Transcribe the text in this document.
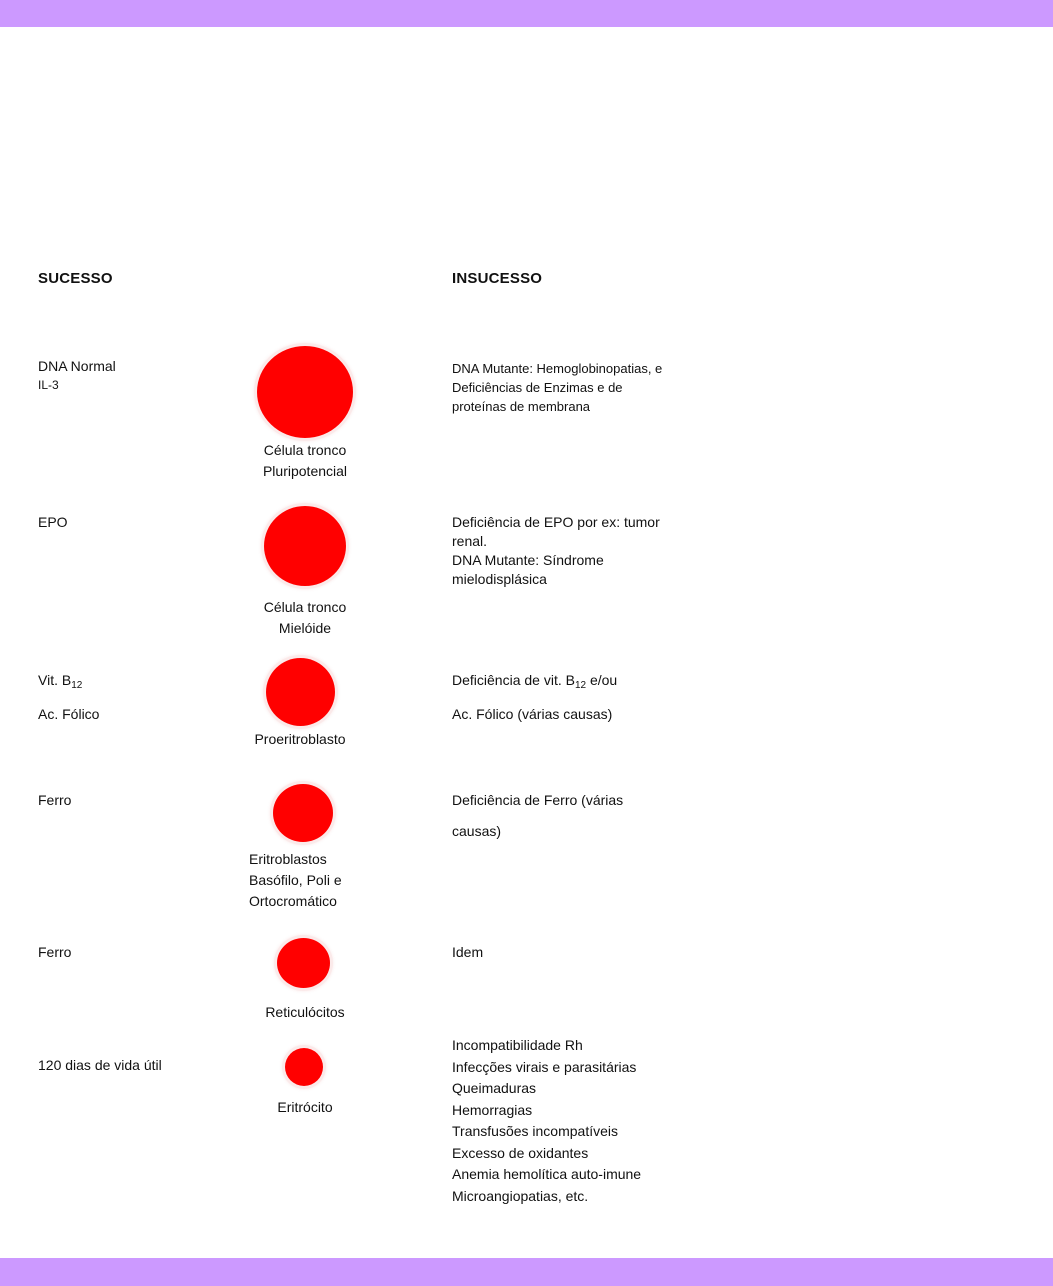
SUCESSO	INSUCESSO
DNA Normal
IL-3
Célula tronco
Pluripotencial
DNA Mutante: Hemoglobinopatias, e
Deficiências de Enzimas e de
proteínas de membrana
EPO
Célula tronco
Mielóide
Deficiência de EPO por ex: tumor
renal.
DNA Mutante: Síndrome
mielodisplásica
Vit. $B_{12}$
Ac. Fólico
Proeritroblasto
Deficiência de vit. $B_{12}$ e/ou
Ac. Fólico (várias causas)
Ferro
Eritroblastos
Basófilo, Poli e
Ortocromático
Deficiência de Ferro (várias
causas)
Ferro
Reticulócitos
Idem
120 dias de vida útil
Eritrócito
Incompatibilidade Rh
Infecções virais e parasitárias
Queimaduras
Hemorragias
Transfusões incompatíveis
Excesso de oxidantes
Anemia hemolítica auto-imune
Microangiopatias, etc.
